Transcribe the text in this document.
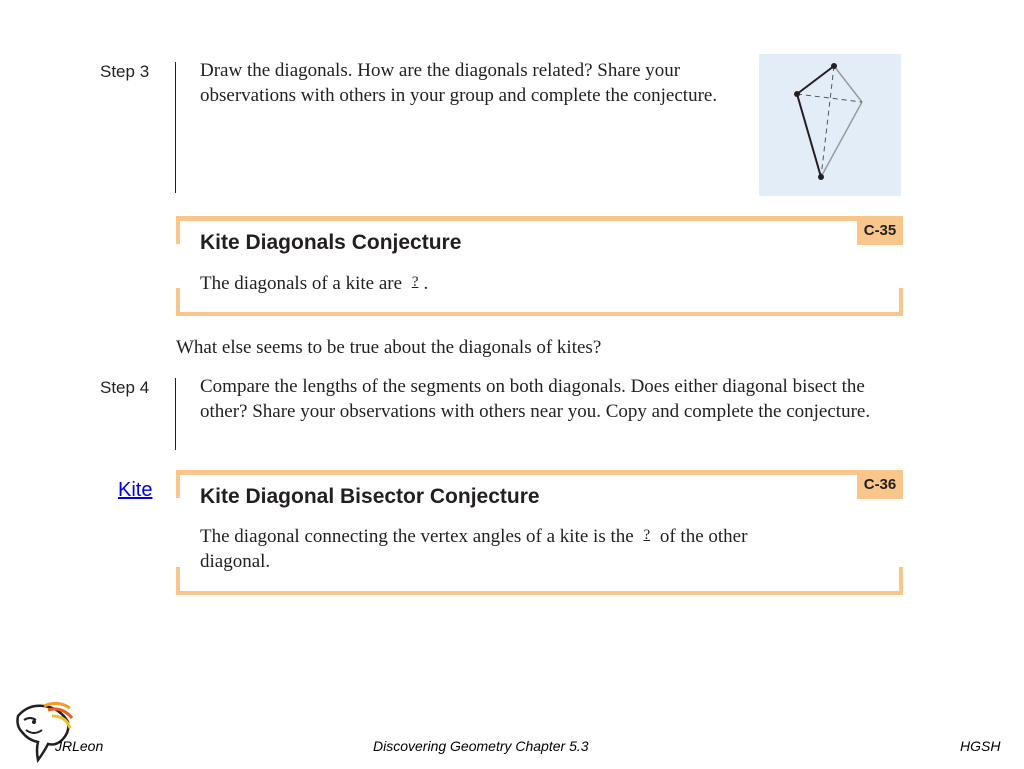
Step 3	Draw the diagonals. How are the diagonals related? Share your observations with others in your group and complete the conjecture.

C-35
Kite Diagonals Conjecture

The diagonals of a kite are ? .

What else seems to be true about the diagonals of kites?

Step 4	Compare the lengths of the segments on both diagonals. Does either diagonal bisect the other? Share your observations with others near you. Copy and complete the conjecture.

Kite	C-36
Kite Diagonal Bisector Conjecture

The diagonal connecting the vertex angles of a kite is the ? of the other diagonal.

JRLeon	Discovering Geometry Chapter 5.3	HGSH
